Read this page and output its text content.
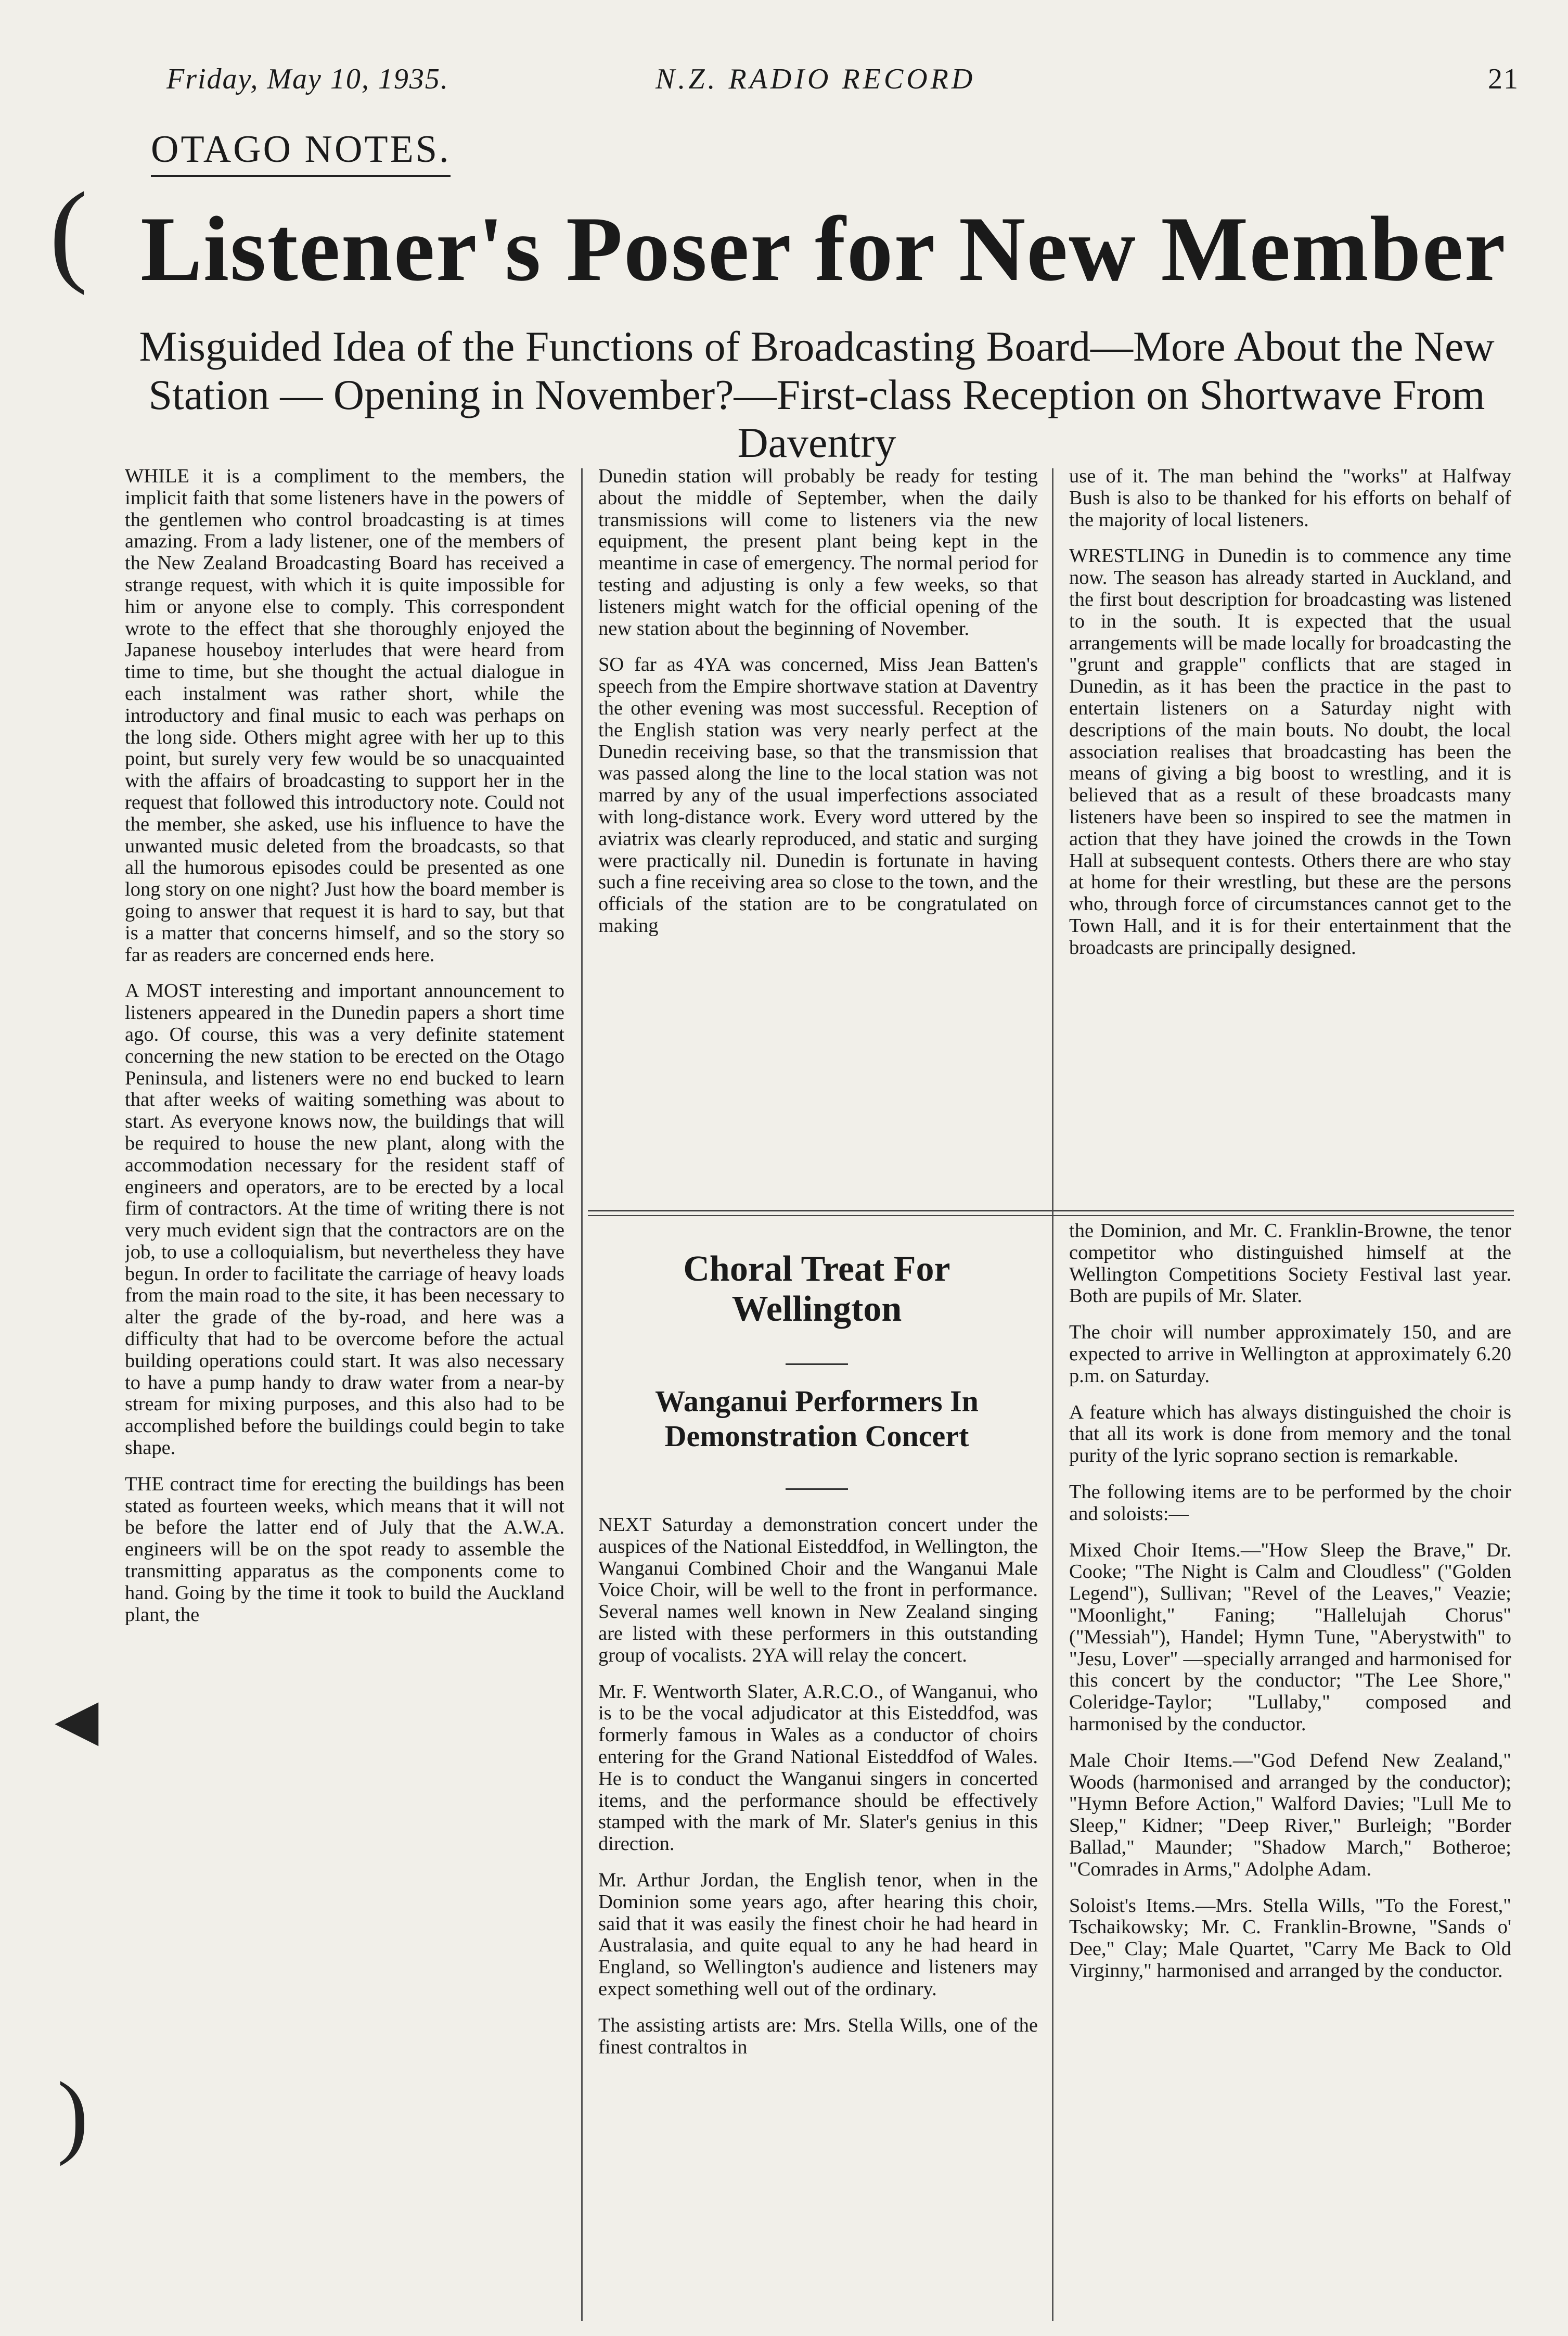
Friday, May 10, 1935.	N.Z. RADIO RECORD	21
OTAGO NOTES.
Listener's Poser for New Member
Misguided Idea of the Functions of Broadcasting Board—More About the New Station — Opening in November?—First-class Reception on Shortwave From Daventry

WHILE it is a compliment to the members, the implicit faith that some listeners have in the powers of the gentlemen who control broadcasting is at times amazing. From a lady listener, one of the members of the New Zealand Broadcasting Board has received a strange request, with which it is quite impossible for him or anyone else to comply. This correspondent wrote to the effect that she thoroughly enjoyed the Japanese houseboy interludes that were heard from time to time, but she thought the actual dialogue in each instalment was rather short, while the introductory and final music to each was perhaps on the long side. Others might agree with her up to this point, but surely very few would be so unacquainted with the affairs of broadcasting to support her in the request that followed this introductory note. Could not the member, she asked, use his influence to have the unwanted music deleted from the broadcasts, so that all the humorous episodes could be presented as one long story on one night? Just how the board member is going to answer that request it is hard to say, but that is a matter that concerns himself, and so the story so far as readers are concerned ends here.

A MOST interesting and important announcement to listeners appeared in the Dunedin papers a short time ago. Of course, this was a very definite statement concerning the new station to be erected on the Otago Peninsula, and listeners were no end bucked to learn that after weeks of waiting something was about to start. As everyone knows now, the buildings that will be required to house the new plant, along with the accommodation necessary for the resident staff of engineers and operators, are to be erected by a local firm of contractors. At the time of writing there is not very much evident sign that the contractors are on the job, to use a colloquialism, but nevertheless they have begun. In order to facilitate the carriage of heavy loads from the main road to the site, it has been necessary to alter the grade of the by-road, and here was a difficulty that had to be overcome before the actual building operations could start. It was also necessary to have a pump handy to draw water from a near-by stream for mixing purposes, and this also had to be accomplished before the buildings could begin to take shape.

THE contract time for erecting the buildings has been stated as fourteen weeks, which means that it will not be before the latter end of July that the A.W.A. engineers will be on the spot ready to assemble the transmitting apparatus as the components come to hand. Going by the time it took to build the Auckland plant, the

Dunedin station will probably be ready for testing about the middle of September, when the daily transmissions will come to listeners via the new equipment, the present plant being kept in the meantime in case of emergency. The normal period for testing and adjusting is only a few weeks, so that listeners might watch for the official opening of the new station about the beginning of November.

SO far as 4YA was concerned, Miss Jean Batten's speech from the Empire shortwave station at Daventry the other evening was most successful. Reception of the English station was very nearly perfect at the Dunedin receiving base, so that the transmission that was passed along the line to the local station was not marred by any of the usual imperfections associated with long-distance work. Every word uttered by the aviatrix was clearly reproduced, and static and surging were practically nil. Dunedin is fortunate in having such a fine receiving area so close to the town, and the officials of the station are to be congratulated on making

use of it. The man behind the "works" at Halfway Bush is also to be thanked for his efforts on behalf of the majority of local listeners.

WRESTLING in Dunedin is to commence any time now. The season has already started in Auckland, and the first bout description for broadcasting was listened to in the south. It is expected that the usual arrangements will be made locally for broadcasting the "grunt and grapple" conflicts that are staged in Dunedin, as it has been the practice in the past to entertain listeners on a Saturday night with descriptions of the main bouts. No doubt, the local association realises that broadcasting has been the means of giving a big boost to wrestling, and it is believed that as a result of these broadcasts many listeners have been so inspired to see the matmen in action that they have joined the crowds in the Town Hall at subsequent contests. Others there are who stay at home for their wrestling, but these are the persons who, through force of circumstances cannot get to the Town Hall, and it is for their entertainment that the broadcasts are principally designed.

Choral Treat For Wellington
Wanganui Performers In Demonstration Concert

NEXT Saturday a demonstration concert under the auspices of the National Eisteddfod, in Wellington, the Wanganui Combined Choir and the Wanganui Male Voice Choir, will be well to the front in performance. Several names well known in New Zealand singing are listed with these performers in this outstanding group of vocalists. 2YA will relay the concert.

Mr. F. Wentworth Slater, A.R.C.O., of Wanganui, who is to be the vocal adjudicator at this Eisteddfod, was formerly famous in Wales as a conductor of choirs entering for the Grand National Eisteddfod of Wales. He is to conduct the Wanganui singers in concerted items, and the performance should be effectively stamped with the mark of Mr. Slater's genius in this direction.

Mr. Arthur Jordan, the English tenor, when in the Dominion some years ago, after hearing this choir, said that it was easily the finest choir he had heard in Australasia, and quite equal to any he had heard in England, so Wellington's audience and listeners may expect something well out of the ordinary.

The assisting artists are: Mrs. Stella Wills, one of the finest contraltos in

the Dominion, and Mr. C. Franklin-Browne, the tenor competitor who distinguished himself at the Wellington Competitions Society Festival last year. Both are pupils of Mr. Slater.

The choir will number approximately 150, and are expected to arrive in Wellington at approximately 6.20 p.m. on Saturday.

A feature which has always distinguished the choir is that all its work is done from memory and the tonal purity of the lyric soprano section is remarkable.

The following items are to be performed by the choir and soloists:—

Mixed Choir Items.—"How Sleep the Brave," Dr. Cooke; "The Night is Calm and Cloudless" ("Golden Legend"), Sullivan; "Revel of the Leaves," Veazie; "Moonlight," Faning; "Hallelujah Chorus" ("Messiah"), Handel; Hymn Tune, "Aberystwith" to "Jesu, Lover" —specially arranged and harmonised for this concert by the conductor; "The Lee Shore," Coleridge-Taylor; "Lullaby," composed and harmonised by the conductor.

Male Choir Items.—"God Defend New Zealand," Woods (harmonised and arranged by the conductor); "Hymn Before Action," Walford Davies; "Lull Me to Sleep," Kidner; "Deep River," Burleigh; "Border Ballad," Maunder; "Shadow March," Botheroe; "Comrades in Arms," Adolphe Adam.

Soloist's Items.—Mrs. Stella Wills, "To the Forest," Tschaikowsky; Mr. C. Franklin-Browne, "Sands o' Dee," Clay; Male Quartet, "Carry Me Back to Old Virginny," harmonised and arranged by the conductor.

(
◀
)
